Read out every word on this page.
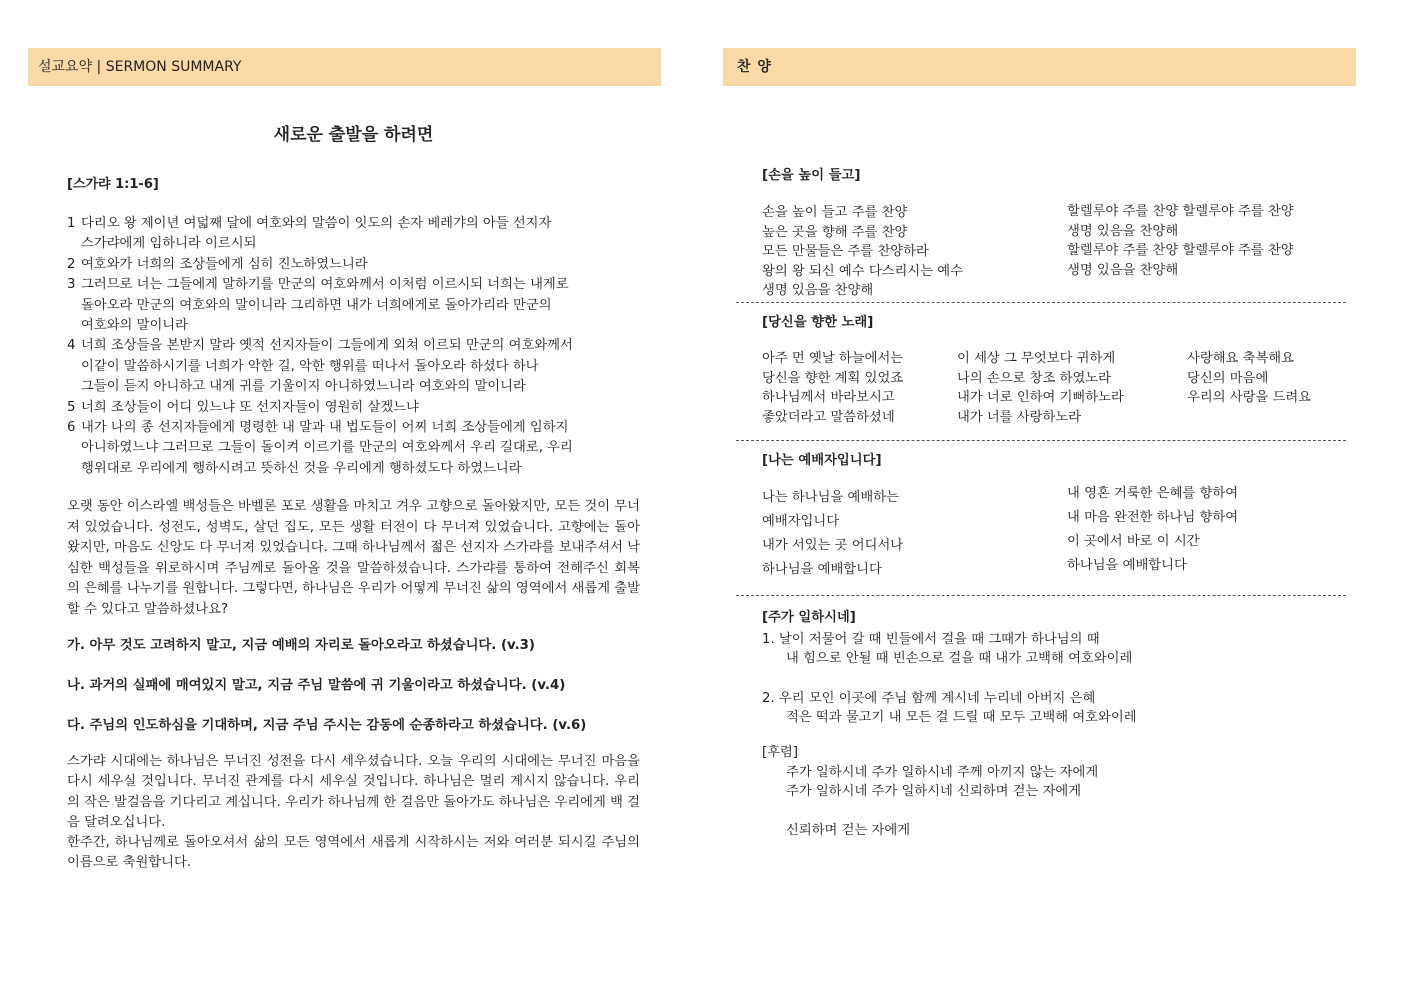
설교요약 | SERMON SUMMARY	찬 양
새로운 출발을 하려면
[스가랴 1:1-6]
1 다리오 왕 제이년 여덟째 달에 여호와의 말씀이 잇도의 손자 베레갸의 아들 선지자
스가랴에게 임하니라 이르시되
2 여호와가 너희의 조상들에게 심히 진노하였느니라
3 그러므로 너는 그들에게 말하기를 만군의 여호와께서 이처럼 이르시되 너희는 내게로
돌아오라 만군의 여호와의 말이니라 그리하면 내가 너희에게로 돌아가리라 만군의
여호와의 말이니라
4 너희 조상들을 본받지 말라 옛적 선지자들이 그들에게 외쳐 이르되 만군의 여호와께서
이같이 말씀하시기를 너희가 악한 길, 악한 행위를 떠나서 돌아오라 하셨다 하나
그들이 듣지 아니하고 내게 귀를 기울이지 아니하였느니라 여호와의 말이니라
5 너희 조상들이 어디 있느냐 또 선지자들이 영원히 살겠느냐
6 내가 나의 종 선지자들에게 명령한 내 말과 내 법도들이 어찌 너희 조상들에게 임하지
아니하였느냐 그러므로 그들이 돌이켜 이르기를 만군의 여호와께서 우리 길대로, 우리
행위대로 우리에게 행하시려고 뜻하신 것을 우리에게 행하셨도다 하였느니라

오랫 동안 이스라엘 백성들은 바벨론 포로 생활을 마치고 겨우 고향으로 돌아왔지만, 모든 것이 무너져 있었습니다. 성전도, 성벽도, 살던 집도, 모든 생활 터전이 다 무너져 있었습니다. 고향에는 돌아왔지만, 마음도 신앙도 다 무너져 있었습니다. 그때 하나님께서 젊은 선지자 스가랴를 보내주셔서 낙심한 백성들을 위로하시며 주님께로 돌아올 것을 말씀하셨습니다. 스가랴를 통하여 전해주신 회복의 은혜를 나누기를 원합니다. 그렇다면, 하나님은 우리가 어떻게 무너진 삶의 영역에서 새롭게 출발할 수 있다고 말씀하셨나요?

가. 아무 것도 고려하지 말고, 지금 예배의 자리로 돌아오라고 하셨습니다. (v.3)

나. 과거의 실패에 매여있지 말고, 지금 주님 말씀에 귀 기울이라고 하셨습니다. (v.4)

다. 주님의 인도하심을 기대하며, 지금 주님 주시는 감동에 순종하라고 하셨습니다. (v.6)

스가랴 시대에는 하나님은 무너진 성전을 다시 세우셨습니다. 오늘 우리의 시대에는 무너진 마음을 다시 세우실 것입니다. 무너진 관계를 다시 세우실 것입니다. 하나님은 멀리 계시지 않습니다. 우리의 작은 발걸음을 기다리고 계십니다. 우리가 하나님께 한 걸음만 돌아가도 하나님은 우리에게 백 걸음 달려오십니다.

한주간, 하나님께로 돌아오셔서 삶의 모든 영역에서 새롭게 시작하시는 저와 여러분 되시길 주님의 이름으로 축원합니다.

[손을 높이 들고]
손을 높이 들고 주를 찬양
높은 곳을 향해 주를 찬양
모든 만물들은 주를 찬양하라
왕의 왕 되신 예수 다스리시는 예수
생명 있음을 찬양해
할렐루야 주를 찬양 할렐루야 주를 찬양
생명 있음을 찬양해
할렐루야 주를 찬양 할렐루야 주를 찬양
생명 있음을 찬양해
[당신을 향한 노래]
아주 먼 옛날 하늘에서는
당신을 향한 계획 있었죠
하나님께서 바라보시고
좋았더라고 말씀하셨네
이 세상 그 무엇보다 귀하게
나의 손으로 창조 하였노라
내가 너로 인하여 기뻐하노라
내가 너를 사랑하노라
사랑해요 축복해요
당신의 마음에
우리의 사랑을 드려요
[나는 예배자입니다]
나는 하나님을 예배하는
예배자입니다
내가 서있는 곳 어디서나
하나님을 예배합니다
내 영혼 거룩한 은혜를 향하여
내 마음 완전한 하나님 향하여
이 곳에서 바로 이 시간
하나님을 예배합니다
[주가 일하시네]
1. 날이 저물어 갈 때 빈들에서 걸을 때 그때가 하나님의 때
내 힘으로 안될 때 빈손으로 걸을 때 내가 고백해 여호와이레
2. 우리 모인 이곳에 주님 함께 계시네 누리네 아버지 은혜
적은 떡과 물고기 내 모든 걸 드릴 때 모두 고백해 여호와이레
[후렴]
주가 일하시네 주가 일하시네 주께 아끼지 않는 자에게
주가 일하시네 주가 일하시네 신뢰하며 걷는 자에게
신뢰하며 걷는 자에게
